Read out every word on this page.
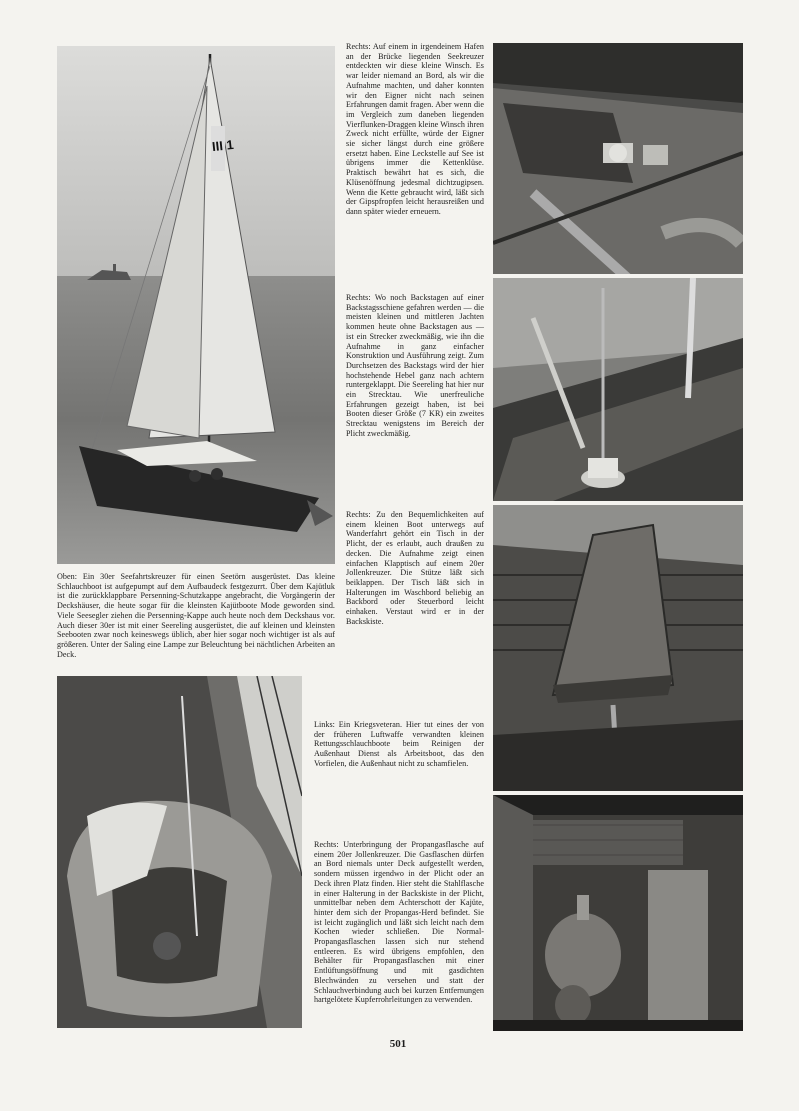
III 1

Rechts: Auf einem in irgendeinem Hafen an der Brücke liegenden Seekreuzer entdeckten wir diese kleine Winsch. Es war leider niemand an Bord, als wir die Aufnahme machten, und daher konnten wir den Eigner nicht nach seinen Erfahrungen damit fragen. Aber wenn die im Vergleich zum daneben liegenden Vierflunken-Draggen kleine Winsch ihren Zweck nicht erfüllte, würde der Eigner sie sicher längst durch eine größere ersetzt haben. Eine Leckstelle auf See ist übrigens immer die Kettenklüse. Praktisch bewährt hat es sich, die Klüsenöffnung jedesmal dichtzugipsen. Wenn die Kette gebraucht wird, läßt sich der Gipspfropfen leicht herausreißen und dann später wieder erneuern.

Rechts: Wo noch Backstagen auf einer Backstagsschiene gefahren werden — die meisten kleinen und mittleren Jachten kommen heute ohne Backstagen aus — ist ein Strecker zweckmäßig, wie ihn die Aufnahme in ganz einfacher Konstruktion und Ausführung zeigt. Zum Durchsetzen des Backstags wird der hier hochstehende Hebel ganz nach achtern runtergeklappt. Die Seereling hat hier nur ein Strecktau. Wie unerfreuliche Erfahrungen gezeigt haben, ist bei Booten dieser Größe (7 KR) ein zweites Strecktau wenigstens im Bereich der Plicht zweckmäßig.

Rechts: Zu den Bequemlichkeiten auf einem kleinen Boot unterwegs auf Wanderfahrt gehört ein Tisch in der Plicht, der es erlaubt, auch draußen zu decken. Die Aufnahme zeigt einen einfachen Klapptisch auf einem 20er Jollenkreuzer. Die Stütze läßt sich beiklappen. Der Tisch läßt sich in Halterungen im Waschbord beliebig an Backbord oder Steuerbord leicht einhaken. Verstaut wird er in der Backskiste.

Oben: Ein 30er Seefahrtskreuzer für einen Seetörn ausgerüstet. Das kleine Schlauchboot ist aufgepumpt auf dem Aufbaudeck festgezurrt. Über dem Kajütluk ist die zurückklappbare Persenning-Schutzkappe angebracht, die Vorgängerin der Deckshäuser, die heute sogar für die kleinsten Kajütboote Mode geworden sind. Viele Seesegler ziehen die Persenning-Kappe auch heute noch dem Deckshaus vor. Auch dieser 30er ist mit einer Seereling ausgerüstet, die auf kleinen und kleinsten Seebooten zwar noch keineswegs üblich, aber hier sogar noch wichtiger ist als auf größeren. Unter der Saling eine Lampe zur Beleuchtung bei nächtlichen Arbeiten an Deck.

Links: Ein Kriegsveteran. Hier tut eines der von der früheren Luftwaffe verwandten kleinen Rettungsschlauchboote beim Reinigen der Außenhaut Dienst als Arbeitsboot, das den Vorfielen, die Außenhaut nicht zu schamfielen.

Rechts: Unterbringung der Propangasflasche auf einem 20er Jollenkreuzer. Die Gasflaschen dürfen an Bord niemals unter Deck aufgestellt werden, sondern müssen irgendwo in der Plicht oder an Deck ihren Platz finden. Hier steht die Stahlflasche in einer Halterung in der Backskiste in der Plicht, unmittelbar neben dem Achterschott der Kajüte, hinter dem sich der Propangas-Herd befindet. Sie ist leicht zugänglich und läßt sich leicht nach dem Kochen wieder schließen. Die Normal-Propangasflaschen lassen sich nur stehend entleeren. Es wird übrigens empfohlen, den Behälter für Propangasflaschen mit einer Entlüftungsöffnung und mit gasdichten Blechwänden zu versehen und statt der Schlauchverbindung auch bei kurzen Entfernungen hartgelötete Kupferrohrleitungen zu verwenden.

501
